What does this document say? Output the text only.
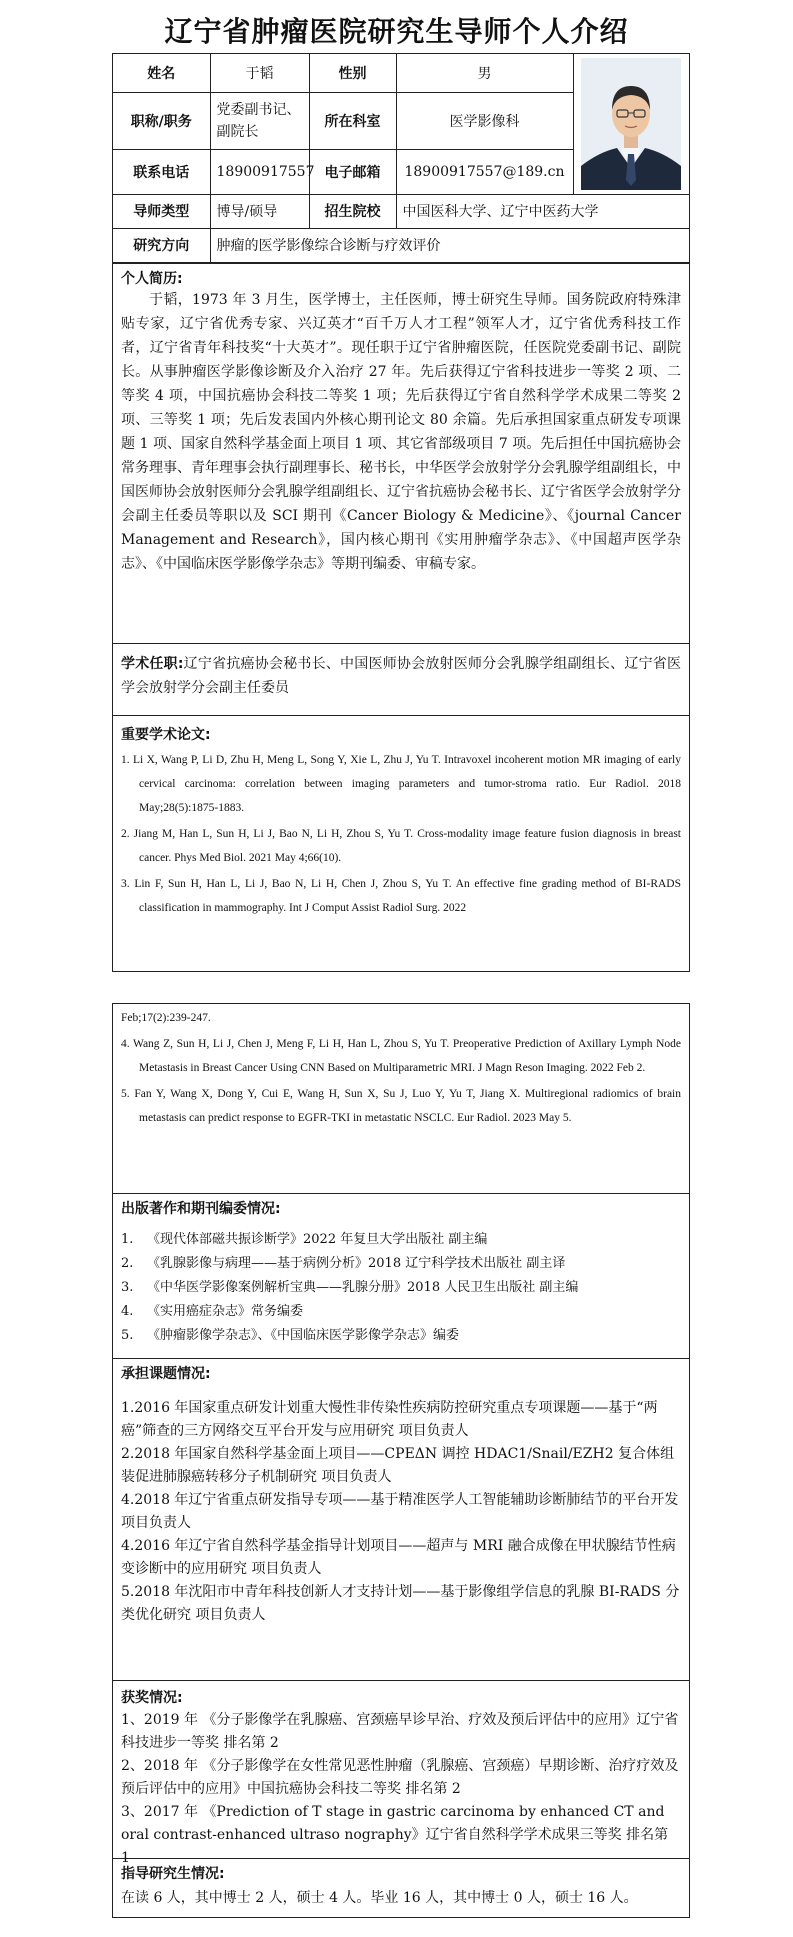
辽宁省肿瘤医院研究生导师个人介绍
姓名	于韬	性别	男	

职称/职务	党委副书记、副院长	所在科室	医学影像科	
联系电话	18900917557	电子邮箱	18900917557@189.cn	
导师类型	博导/硕导	招生院校	中国医科大学、辽宁中医药大学	
研究方向	肿瘤的医学影像综合诊断与疗效评价			
个人简历:
于韬，1973 年 3 月生，医学博士，主任医师，博士研究生导师。国务院政府特殊津贴专家，辽宁省优秀专家、兴辽英才“百千万人才工程”领军人才，辽宁省优秀科技工作者，辽宁省青年科技奖“十大英才”。现任职于辽宁省肿瘤医院，任医院党委副书记、副院长。从事肿瘤医学影像诊断及介入治疗 27 年。先后获得辽宁省科技进步一等奖 2 项、二等奖 4 项，中国抗癌协会科技二等奖 1 项；先后获得辽宁省自然科学学术成果二等奖 2 项、三等奖 1 项；先后发表国内外核心期刊论文 80 余篇。先后承担国家重点研发专项课题 1 项、国家自然科学基金面上项目 1 项、其它省部级项目 7 项。先后担任中国抗癌协会常务理事、青年理事会执行副理事长、秘书长，中华医学会放射学分会乳腺学组副组长，中国医师协会放射医师分会乳腺学组副组长、辽宁省抗癌协会秘书长、辽宁省医学会放射学分会副主任委员等职以及 SCI 期刊《Cancer Biology & Medicine》、《journal Cancer Management and Research》，国内核心期刊《实用肿瘤学杂志》、《中国超声医学杂志》、《中国临床医学影像学杂志》等期刊编委、审稿专家。
学术任职:辽宁省抗癌协会秘书长、中国医师协会放射医师分会乳腺学组副组长、辽宁省医学会放射学分会副主任委员
重要学术论文:
1. Li X, Wang P, Li D, Zhu H, Meng L, Song Y, Xie L, Zhu J, Yu T. Intravoxel incoherent motion MR imaging of early cervical carcinoma: correlation between imaging parameters and tumor-stroma ratio. Eur Radiol. 2018 May;28(5):1875-1883.
2. Jiang M, Han L, Sun H, Li J, Bao N, Li H, Zhou S, Yu T. Cross-modality image feature fusion diagnosis in breast cancer. Phys Med Biol. 2021 May 4;66(10).
3. Lin F, Sun H, Han L, Li J, Bao N, Li H, Chen J, Zhou S, Yu T. An effective fine grading method of BI-RADS classification in mammography. Int J Comput Assist Radiol Surg. 2022
Feb;17(2):239-247.
4. Wang Z, Sun H, Li J, Chen J, Meng F, Li H, Han L, Zhou S, Yu T. Preoperative Prediction of Axillary Lymph Node Metastasis in Breast Cancer Using CNN Based on Multiparametric MRI. J Magn Reson Imaging. 2022 Feb 2.
5. Fan Y, Wang X, Dong Y, Cui E, Wang H, Sun X, Su J, Luo Y, Yu T, Jiang X. Multiregional radiomics of brain metastasis can predict response to EGFR-TKI in metastatic NSCLC. Eur Radiol. 2023 May 5.
出版著作和期刊编委情况:
1. 《现代体部磁共振诊断学》2022 年复旦大学出版社 副主编
2. 《乳腺影像与病理——基于病例分析》2018 辽宁科学技术出版社 副主译
3. 《中华医学影像案例解析宝典——乳腺分册》2018 人民卫生出版社 副主编
4. 《实用癌症杂志》常务编委
5. 《肿瘤影像学杂志》、《中国临床医学影像学杂志》编委
承担课题情况:
1.2016 年国家重点研发计划重大慢性非传染性疾病防控研究重点专项课题——基于“两癌”筛查的三方网络交互平台开发与应用研究 项目负责人
2.2018 年国家自然科学基金面上项目——CPEΔN 调控 HDAC1/Snail/EZH2 复合体组装促进肺腺癌转移分子机制研究 项目负责人
4.2018 年辽宁省重点研发指导专项——基于精准医学人工智能辅助诊断肺结节的平台开发 项目负责人
4.2016 年辽宁省自然科学基金指导计划项目——超声与 MRI 融合成像在甲状腺结节性病变诊断中的应用研究 项目负责人
5.2018 年沈阳市中青年科技创新人才支持计划——基于影像组学信息的乳腺 BI-RADS 分类优化研究 项目负责人
获奖情况:
1、2019 年 《分子影像学在乳腺癌、宫颈癌早诊早治、疗效及预后评估中的应用》辽宁省科技进步一等奖 排名第 2
2、2018 年 《分子影像学在女性常见恶性肿瘤（乳腺癌、宫颈癌）早期诊断、治疗疗效及预后评估中的应用》中国抗癌协会科技二等奖 排名第 2
3、2017 年 《Prediction of T stage in gastric carcinoma by enhanced CT and oral contrast-enhanced ultraso nography》辽宁省自然科学学术成果三等奖 排名第 1
指导研究生情况:
在读 6 人，其中博士 2 人，硕士 4 人。毕业 16 人，其中博士 0 人，硕士 16 人。
